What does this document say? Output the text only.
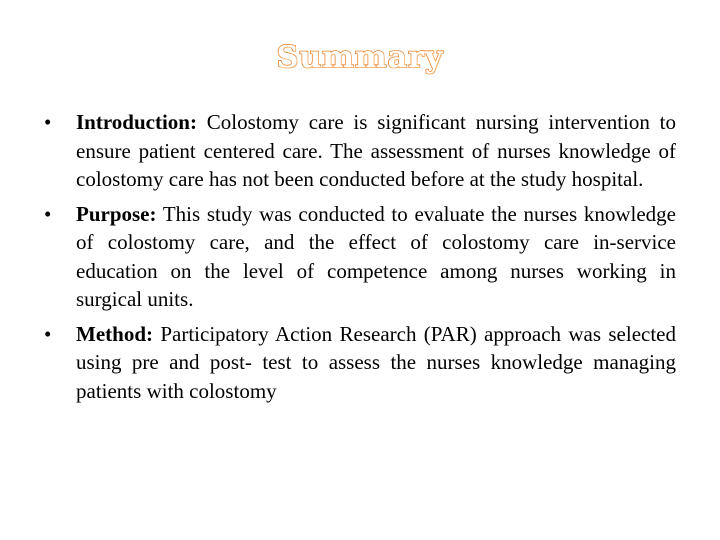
Summary
•	Introduction: Colostomy care is significant nursing intervention to ensure patient centered care. The assessment of nurses knowledge of colostomy care has not been conducted before at the study hospital.
•	Purpose: This study was conducted to evaluate the nurses knowledge of colostomy care, and the effect of colostomy care in-service education on the level of competence among nurses working in surgical units.
•	Method: Participatory Action Research (PAR) approach was selected using pre and post- test to assess the nurses knowledge managing patients with colostomy
